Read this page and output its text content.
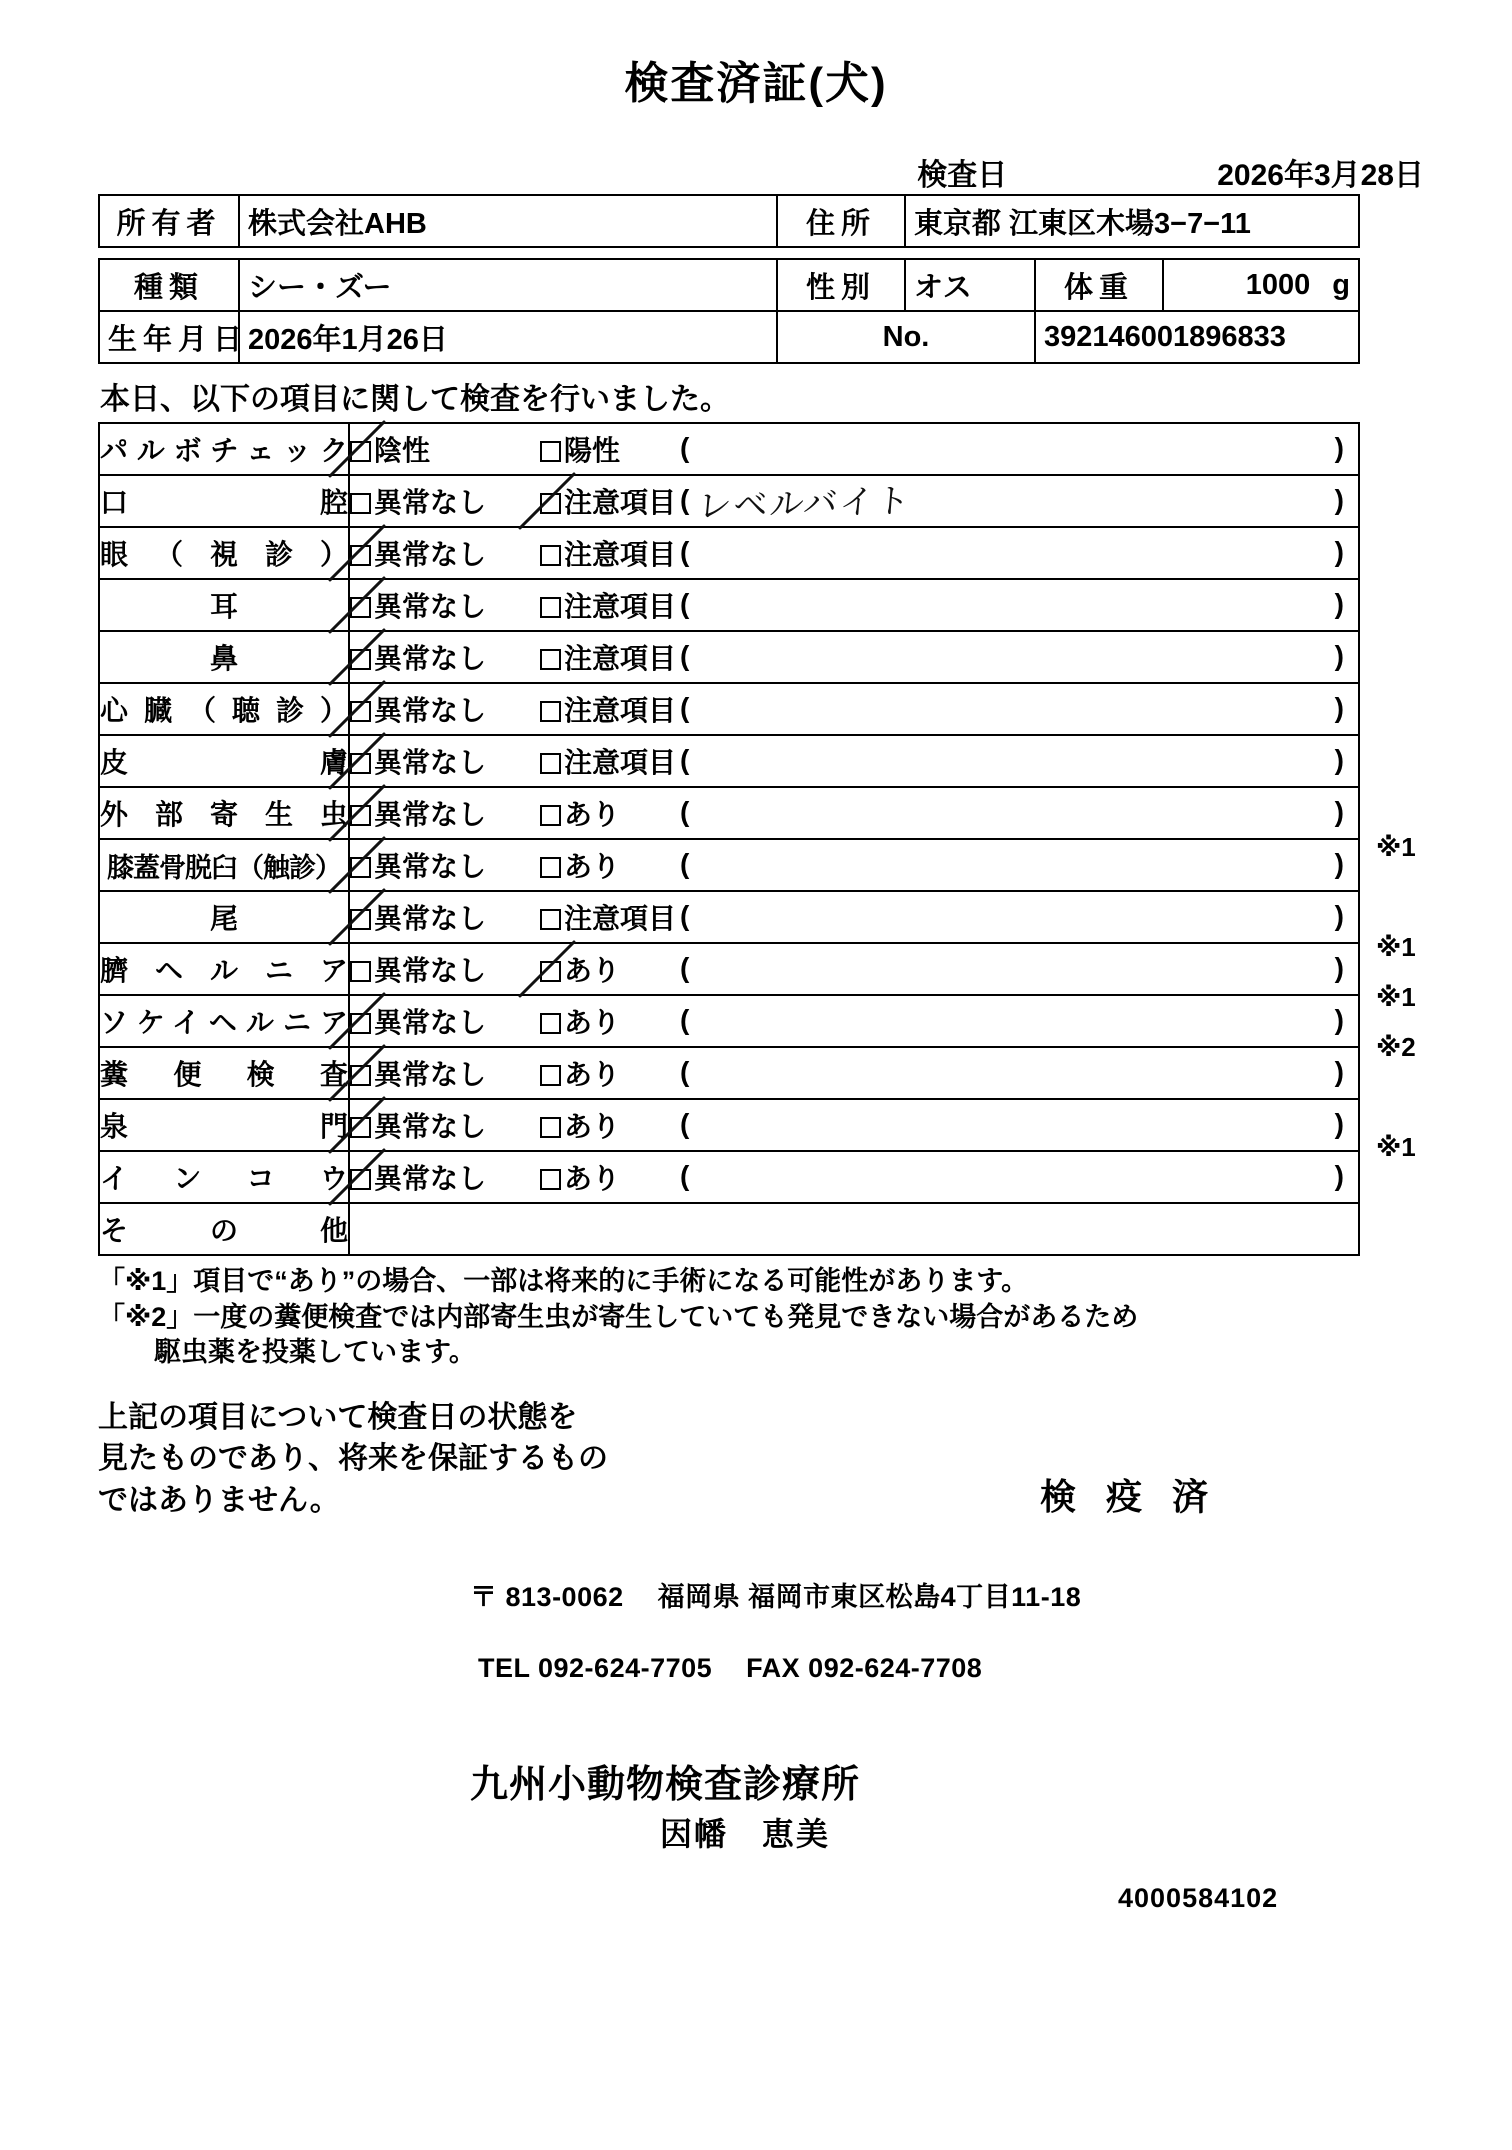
検査済証(犬)
検査日	2026年3月28日
所有者	株式会社AHB	住所	東京都 江東区木場3−7−11
種類	シー・ズー	性別	オス	体重	1000 g
生年月日	2026年1月26日	No.		392146001896833	
本日、以下の項目に関して検査を行いました。
パルボチェック	陰性 陽性 ( )

口　　　　　腔	異常なし 注意項目 ( )

眼（視診）	異常なし 注意項目 ( )

耳	異常なし 注意項目 ( )

鼻	異常なし 注意項目 ( )

心臓（聴診）	異常なし 注意項目 ( )

皮　　　　　膚	異常なし 注意項目 ( )

外部寄生虫	異常なし あり ( )

膝蓋骨脱臼（触診）	異常なし あり ( )

尾	異常なし 注意項目 ( )

臍ヘルニア	異常なし あり ( )

ソケイヘルニア	異常なし あり ( )

糞便検査	異常なし あり ( )

泉　　　　　門	異常なし あり ( )

インコウ	異常なし あり ( )

そ　の　他	
※1
※1
※1
※2
※1
レベルバイト
「※1」項目で“あり”の場合、一部は将来的に手術になる可能性があります。
「※2」一度の糞便検査では内部寄生虫が寄生していても発見できない場合があるため
駆虫薬を投薬しています。
上記の項目について検査日の状態を
見たものであり、将来を保証するもの
ではありません。	検 疫 済
〒 813-0062 福岡県 福岡市東区松島4丁目11-18
TEL 092-624-7705 FAX 092-624-7708
九州小動物検査診療所
因幡　恵美
4000584102
